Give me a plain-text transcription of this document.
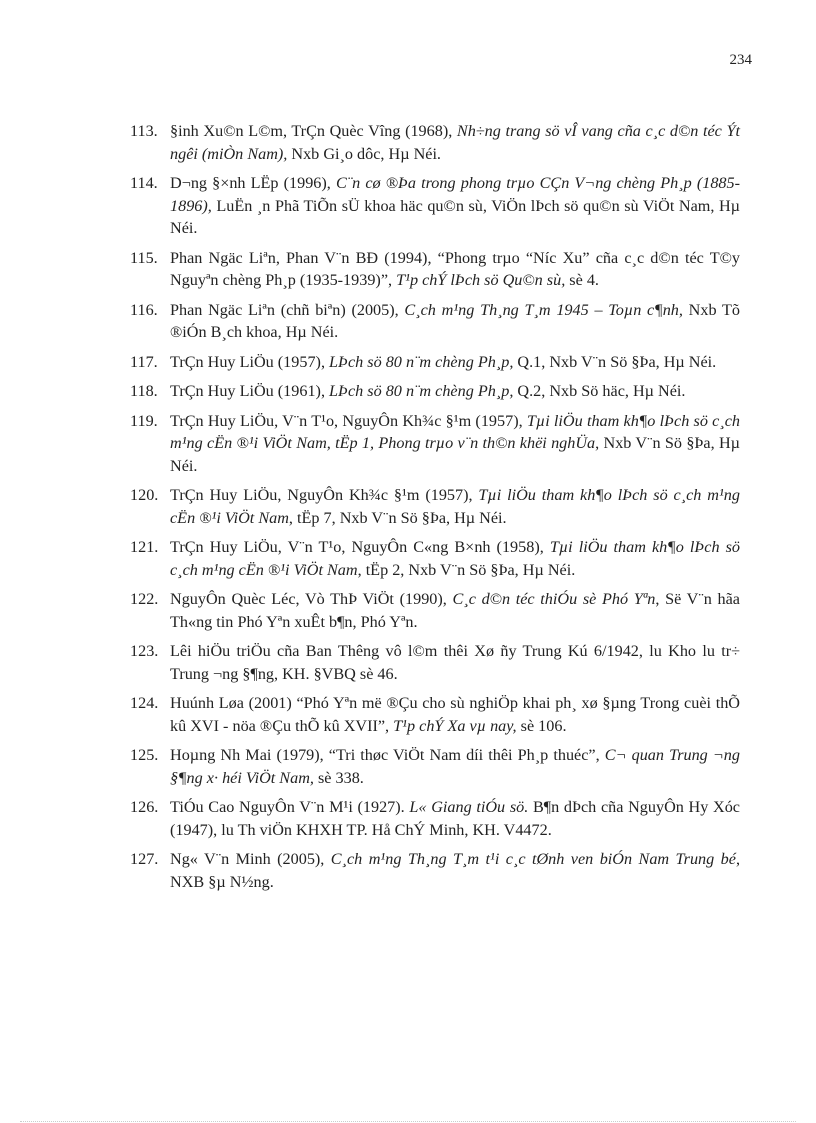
234
113. §inh Xu©n L©m, TrÇn Quèc Vîng (1968), Nh÷ng trang sö vÎ vang cña c¸c d©n téc Ýt ngêi (miÒn Nam), Nxb Gi¸o dôc, Hµ Néi.
114. D¬ng §×nh LËp (1996), C¨n cø ®Þa trong phong trµo CÇn V¬ng chèng Ph¸p (1885-1896), LuËn ¸n Phã TiÕn sÜ khoa häc qu©n sù, ViÖn lÞch sö qu©n sù ViÖt Nam, Hµ Néi.
115. Phan Ngäc Liªn, Phan V¨n BĐ (1994), “Phong trµo “Níc Xu” cña c¸c d©n téc T©y Nguyªn chèng Ph¸p (1935-1939)”, T¹p chÝ lÞch sö Qu©n sù, sè 4.
116. Phan Ngäc Liªn (chñ biªn) (2005), C¸ch m¹ng Th¸ng T¸m 1945 – Toµn c¶nh, Nxb Tõ ®iÓn B¸ch khoa, Hµ Néi.
117. TrÇn Huy LiÖu (1957), LÞch sö 80 n¨m chèng Ph¸p, Q.1, Nxb V¨n Sö §Þa, Hµ Néi.
118. TrÇn Huy LiÖu (1961), LÞch sö 80 n¨m chèng Ph¸p, Q.2, Nxb Sö häc, Hµ Néi.
119. TrÇn Huy LiÖu, V¨n T¹o, NguyÔn Kh¾c §¹m (1957), Tµi liÖu tham kh¶o lÞch sö c¸ch m¹ng cËn ®¹i ViÖt Nam, tËp 1, Phong trµo v¨n th©n khëi nghÜa, Nxb V¨n Sö §Þa, Hµ Néi.
120. TrÇn Huy LiÖu, NguyÔn Kh¾c §¹m (1957), Tµi liÖu tham kh¶o lÞch sö c¸ch m¹ng cËn ®¹i ViÖt Nam, tËp 7, Nxb V¨n Sö §Þa, Hµ Néi.
121. TrÇn Huy LiÖu, V¨n T¹o, NguyÔn C«ng B×nh (1958), Tµi liÖu tham kh¶o lÞch sö c¸ch m¹ng cËn ®¹i ViÖt Nam, tËp 2, Nxb V¨n Sö §Þa, Hµ Néi.
122. NguyÔn Quèc Léc, Vò ThÞ ViÖt (1990), C¸c d©n téc thiÓu sè Phó Yªn, Së V¨n hãa Th«ng tin Phó Yªn xuÊt b¶n, Phó Yªn.
123. Lêi hiÖu triÖu cña Ban Thêng vô l©m thêi Xø ñy Trung Kú 6/1942, lu Kho lu tr÷ Trung ¬ng §¶ng, KH. §VBQ sè 46.
124. Huúnh Løa (2001) “Phó Yªn më ®Çu cho sù nghiÖp khai ph¸ xø §µng Trong cuèi thÕ kû XVI - nöa ®Çu thÕ kû XVII”, T¹p chÝ Xa vµ nay, sè 106.
125. Hoµng Nh Mai (1979), “Tri thøc ViÖt Nam díi thêi Ph¸p thuéc”, C¬ quan Trung ¬ng §¶ng x· héi ViÖt Nam, sè 338.
126. TiÓu Cao NguyÔn V¨n M¹i (1927). L« Giang tiÓu sö. B¶n dÞch cña NguyÔn Hy Xóc (1947), lu Th viÖn KHXH TP. Hå ChÝ Minh, KH. V4472.
127. Ng« V¨n Minh (2005), C¸ch m¹ng Th¸ng T¸m t¹i c¸c tØnh ven biÓn Nam Trung bé, NXB §µ N½ng.
